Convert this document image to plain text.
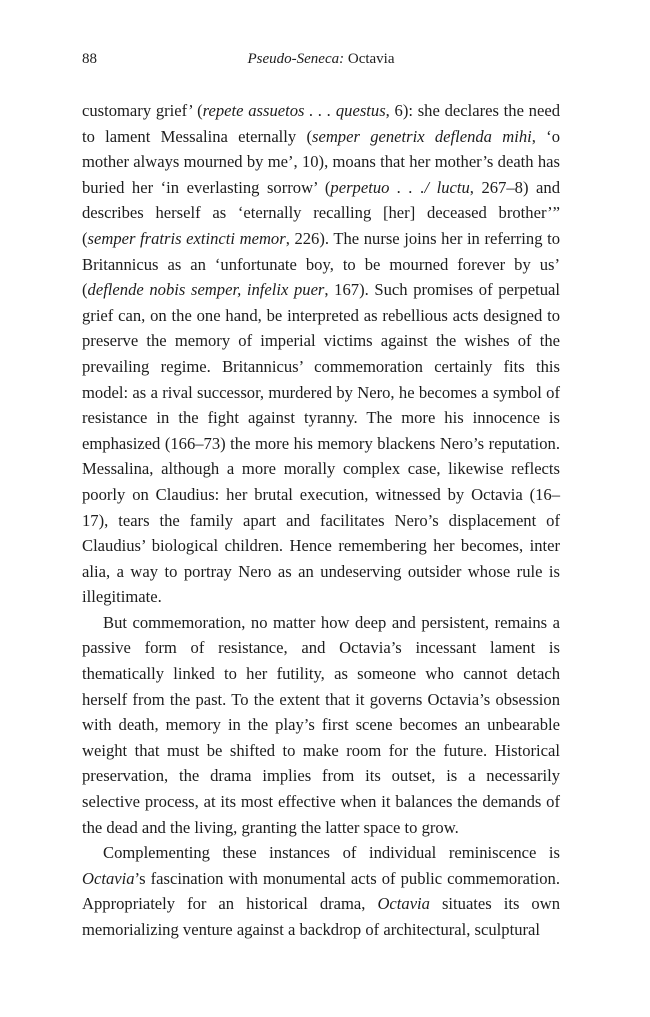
88	Pseudo-Seneca: Octavia

customary grief’ (repete assuetos . . . questus, 6): she declares the need to lament Messalina eternally (semper genetrix deflenda mihi, ‘o mother always mourned by me’, 10), moans that her mother’s death has buried her ‘in everlasting sorrow’ (perpetuo . . ./ luctu, 267–8) and describes herself as ‘eternally recalling [her] deceased brother’” (semper fratris extincti memor, 226). The nurse joins her in referring to Britannicus as an ‘unfortunate boy, to be mourned forever by us’ (deflende nobis semper, infelix puer, 167). Such promises of perpetual grief can, on the one hand, be interpreted as rebellious acts designed to preserve the memory of imperial victims against the wishes of the prevailing regime. Britannicus’ commemoration certainly fits this model: as a rival successor, murdered by Nero, he becomes a symbol of resistance in the fight against tyranny. The more his innocence is emphasized (166–73) the more his memory blackens Nero’s reputation. Messalina, although a more morally complex case, likewise reflects poorly on Claudius: her brutal execution, witnessed by Octavia (16–17), tears the family apart and facilitates Nero’s displacement of Claudius’ biological children. Hence remembering her becomes, inter alia, a way to portray Nero as an undeserving outsider whose rule is illegitimate.

But commemoration, no matter how deep and persistent, remains a passive form of resistance, and Octavia’s incessant lament is thematically linked to her futility, as someone who cannot detach herself from the past. To the extent that it governs Octavia’s obsession with death, memory in the play’s first scene becomes an unbearable weight that must be shifted to make room for the future. Historical preservation, the drama implies from its outset, is a necessarily selective process, at its most effective when it balances the demands of the dead and the living, granting the latter space to grow.

Complementing these instances of individual reminiscence is Octavia’s fascination with monumental acts of public commemoration. Appropriately for an historical drama, Octavia situates its own memorializing venture against a backdrop of architectural, sculptural
